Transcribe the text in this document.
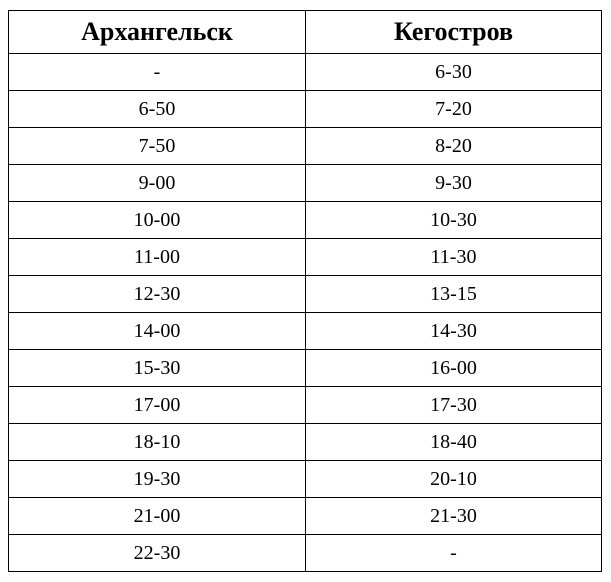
Архангельск	Кегостров
-	6-30
6-50	7-20
7-50	8-20
9-00	9-30
10-00	10-30
11-00	11-30
12-30	13-15
14-00	14-30
15-30	16-00
17-00	17-30
18-10	18-40
19-30	20-10
21-00	21-30
22-30	-
